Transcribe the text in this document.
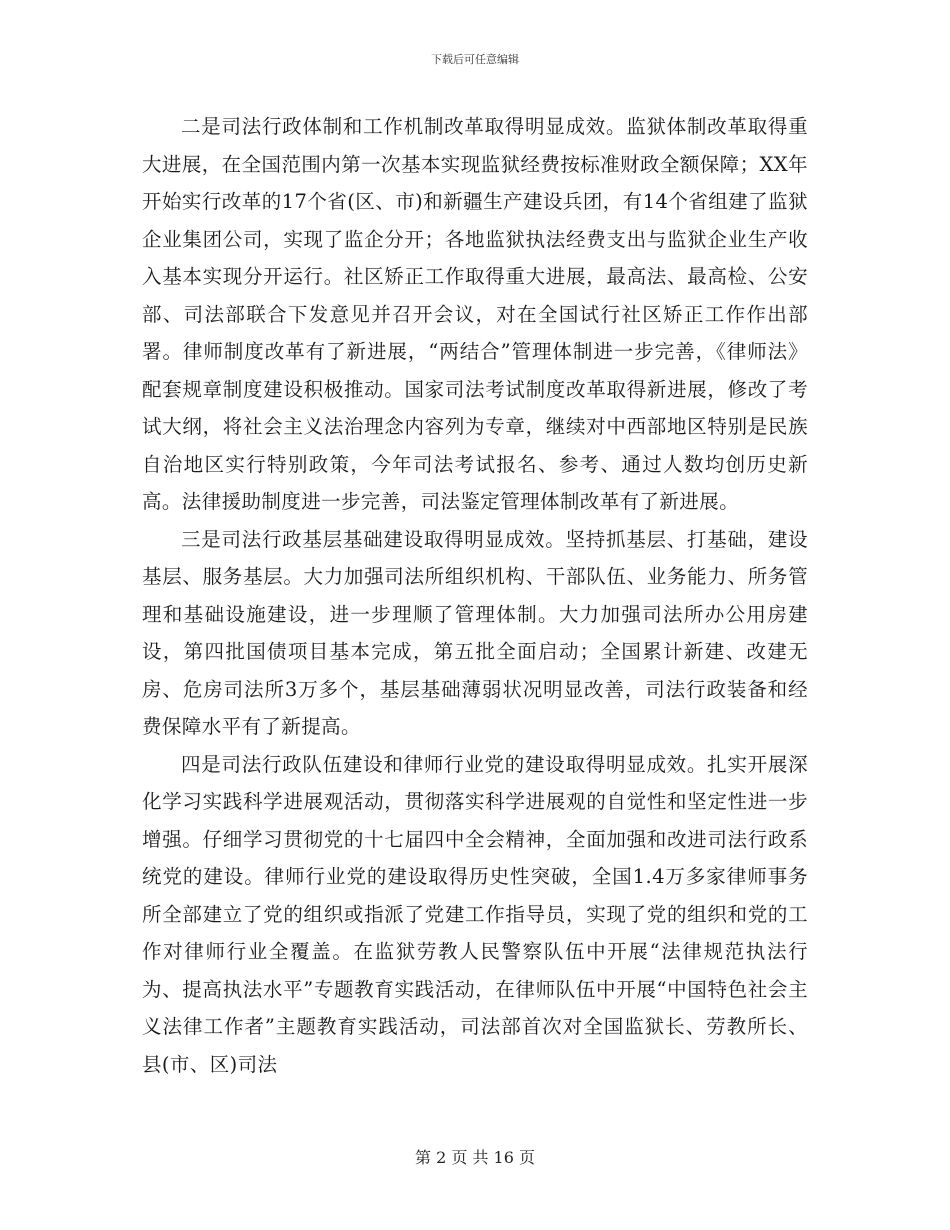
下载后可任意编辑

二是司法行政体制和工作机制改革取得明显成效。监狱体制改革取得重大进展，在全国范围内第一次基本实现监狱经费按标准财政全额保障；XX年开始实行改革的17个省(区、市)和新疆生产建设兵团，有14个省组建了监狱企业集团公司，实现了监企分开；各地监狱执法经费支出与监狱企业生产收入基本实现分开运行。社区矫正工作取得重大进展，最高法、最高检、公安部、司法部联合下发意见并召开会议，对在全国试行社区矫正工作作出部署。律师制度改革有了新进展，“两结合”管理体制进一步完善，《律师法》配套规章制度建设积极推动。国家司法考试制度改革取得新进展，修改了考试大纲，将社会主义法治理念内容列为专章，继续对中西部地区特别是民族自治地区实行特别政策，今年司法考试报名、参考、通过人数均创历史新高。法律援助制度进一步完善，司法鉴定管理体制改革有了新进展。

三是司法行政基层基础建设取得明显成效。坚持抓基层、打基础，建设基层、服务基层。大力加强司法所组织机构、干部队伍、业务能力、所务管理和基础设施建设，进一步理顺了管理体制。大力加强司法所办公用房建设，第四批国债项目基本完成，第五批全面启动；全国累计新建、改建无房、危房司法所3万多个，基层基础薄弱状况明显改善，司法行政装备和经费保障水平有了新提高。

四是司法行政队伍建设和律师行业党的建设取得明显成效。扎实开展深化学习实践科学进展观活动，贯彻落实科学进展观的自觉性和坚定性进一步增强。仔细学习贯彻党的十七届四中全会精神，全面加强和改进司法行政系统党的建设。律师行业党的建设取得历史性突破，全国1.4万多家律师事务所全部建立了党的组织或指派了党建工作指导员，实现了党的组织和党的工作对律师行业全覆盖。在监狱劳教人民警察队伍中开展“法律规范执法行为、提高执法水平”专题教育实践活动，在律师队伍中开展“中国特色社会主义法律工作者”主题教育实践活动，司法部首次对全国监狱长、劳教所长、县(市、区)司法

第 2 页 共 16 页
